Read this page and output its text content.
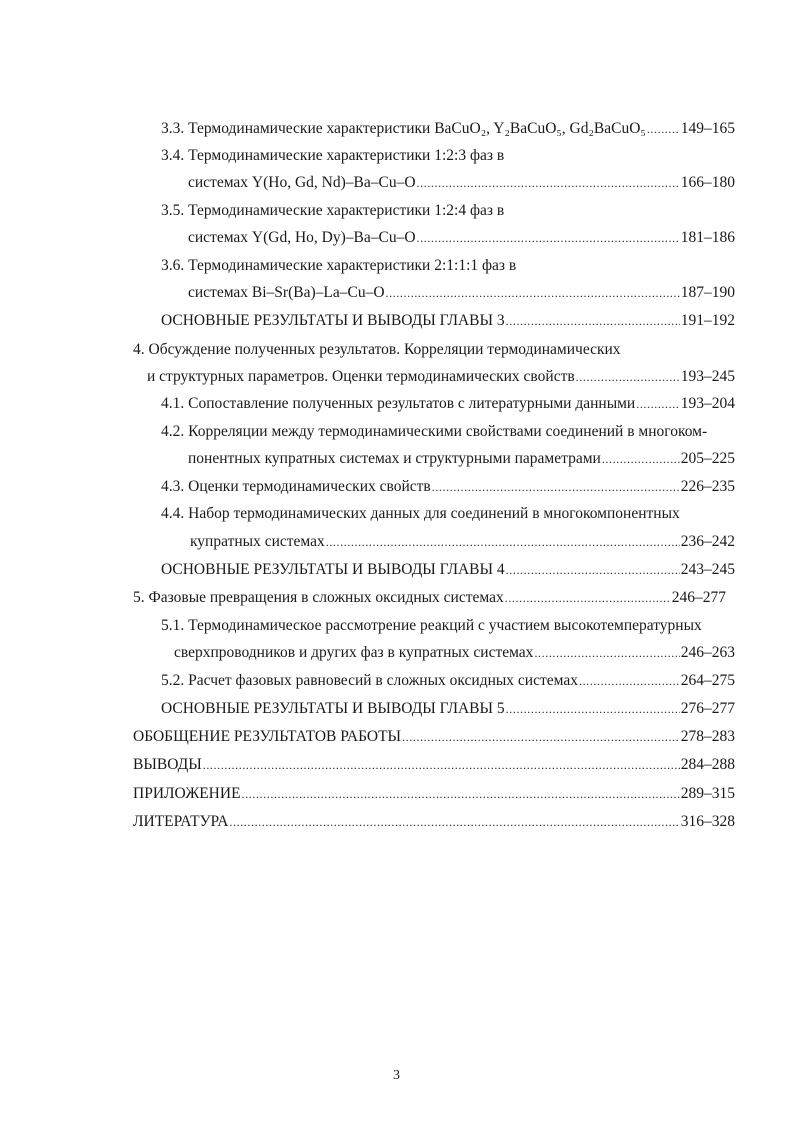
3.3. Термодинамические характеристики BaCuO₂, Y₂BaCuO₅, Gd₂BaCuO₅ ..... 149–165
3.4. Термодинамические характеристики 1:2:3 фаз в
системах Y(Ho, Gd, Nd)–Ba–Cu–O .....	166–180
3.5. Термодинамические характеристики 1:2:4 фаз в
системах Y(Gd, Ho, Dy)–Ba–Cu–O .....	181–186
3.6. Термодинамические характеристики 2:1:1:1 фаз в
системах Bi–Sr(Ba)–La–Cu–O .....	187–190
ОСНОВНЫЕ РЕЗУЛЬТАТЫ И ВЫВОДЫ ГЛАВЫ 3 .....	191–192
4. Обсуждение полученных результатов. Корреляции термодинамических
и структурных параметров. Оценки термодинамических свойств .....	193–245
4.1. Сопоставление полученных результатов с литературными данными .....	193–204
4.2. Корреляции между термодинамическими свойствами соединений в многоком-
понентных купратных системах и структурными параметрами .....	205–225
4.3. Оценки термодинамических свойств .....	226–235
4.4. Набор термодинамических данных для соединений в многокомпонентных
купратных системах .....	236–242
ОСНОВНЫЕ РЕЗУЛЬТАТЫ И ВЫВОДЫ ГЛАВЫ 4 .....	243–245
5. Фазовые превращения в сложных оксидных системах .....	246–277
5.1. Термодинамическое рассмотрение реакций с участием высокотемпературных
сверхпроводников и других фаз в купратных системах .....	246–263
5.2. Расчет фазовых равновесий в сложных оксидных системах .....	264–275
ОСНОВНЫЕ РЕЗУЛЬТАТЫ И ВЫВОДЫ ГЛАВЫ 5 .....	276–277
ОБОБЩЕНИЕ РЕЗУЛЬТАТОВ РАБОТЫ .....	278–283
ВЫВОДЫ .....	284–288
ПРИЛОЖЕНИЕ .....	289–315
ЛИТЕРАТУРА .....	316–328
3
